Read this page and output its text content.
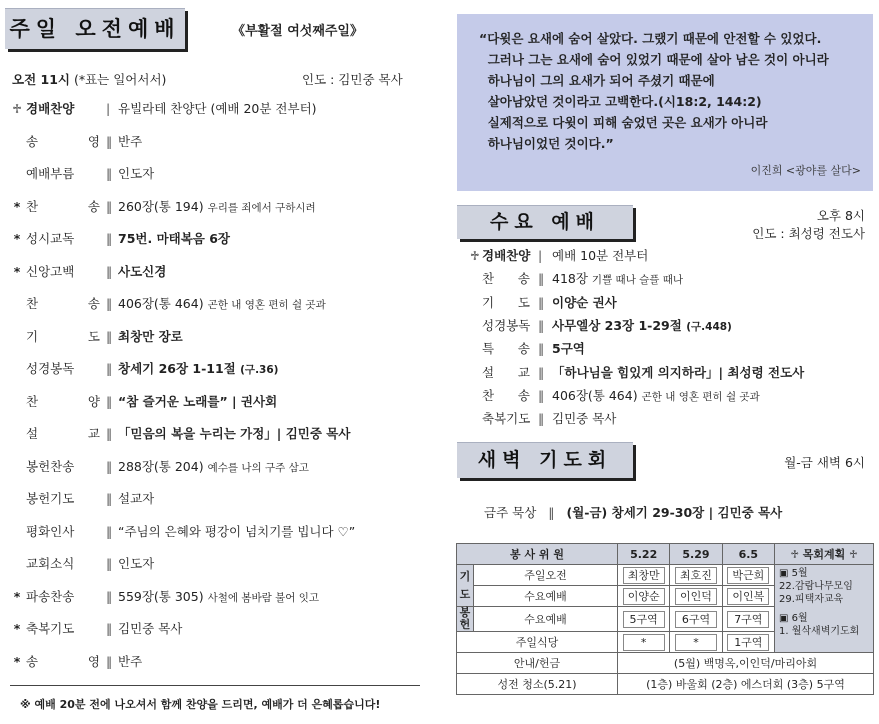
주일 오전예배	《부활절 여섯째주일》
오전 11시 (*표는 일어서서)	인도 : 김민중 목사
♱ 경배찬양	| 유빌라테 찬양단 (예배 20분 전부터)
송 영 ‖ 반주
예배부름	‖ 인도자
* 찬 송 ‖ 260장(통 194) 우리를 죄에서 구하시려
* 성시교독	‖ 75번. 마태복음 6장
* 신앙고백	‖ 사도신경
찬 송 ‖ 406장(통 464) 곤한 내 영혼 편히 쉴 곳과
기 도 ‖ 최창만 장로
성경봉독	‖ 창세기 26장 1-11절 (구.36)
찬 양 ‖ “참 즐거운 노래를” | 권사회
설 교 ‖ 「믿음의 복을 누리는 가정」| 김민중 목사
봉헌찬송	‖ 288장(통 204) 예수를 나의 구주 삼고
봉헌기도	‖ 설교자
평화인사	‖ “주님의 은혜와 평강이 넘치기를 빕니다 ♡”
교회소식	‖ 인도자
* 파송찬송	‖ 559장(통 305) 사철에 봄바람 불어 잇고
* 축복기도	‖ 김민중 목사
* 송 영 ‖ 반주
※ 예배 20분 전에 나오셔서 함께 찬양을 드리면, 예배가 더 은혜롭습니다!
“다윗은 요새에 숨어 살았다. 그랬기 때문에 안전할 수 있었다.
그러나 그는 요새에 숨어 있었기 때문에 살아 남은 것이 아니라
하나님이 그의 요새가 되어 주셨기 때문에
살아남았던 것이라고 고백한다.(시18:2, 144:2)
실제적으로 다윗이 피해 숨었던 곳은 요새가 아니라
하나님이었던 것이다.”
이진희 <광야를 살다>
수요 예배	오후 8시
인도 : 최성령 전도사
♱ 경배찬양 | 예배 10분 전부터
찬 송 ‖ 418장 기쁠 때나 슬플 때나
기 도 ‖ 이양순 권사
성경봉독 ‖ 사무엘상 23장 1-29절 (구.448)
특 송 ‖ 5구역
설 교 ‖ 「하나님을 힘있게 의지하라」| 최성령 전도사
찬 송 ‖ 406장(통 464) 곤한 내 영혼 편히 쉴 곳과
축복기도 ‖ 김민중 목사
새벽 기도회	월-금 새벽 6시
금주 묵상 ‖ (월-금) 창세기 29-30장 | 김민중 목사
봉 사 위 원		5.22	5.29	6.5	♱ 목회계획 ♱
기도	주일오전	최창만	최호진	박근희	▣ 5월
22.감람나무모임
29.피택자교육
▣ 6월
1. 월삭새벽기도회

	수요예배	이양순	이인덕	이인복	
봉헌	수요예배	5구역	6구역	7구역	
주일식당		*	*	1구역	
안내/헌금		(5월) 백명옥,이인덕/마리아회			
성전 청소(5.21)		(1층) 바울회 (2층) 에스더회 (3층) 5구역			
